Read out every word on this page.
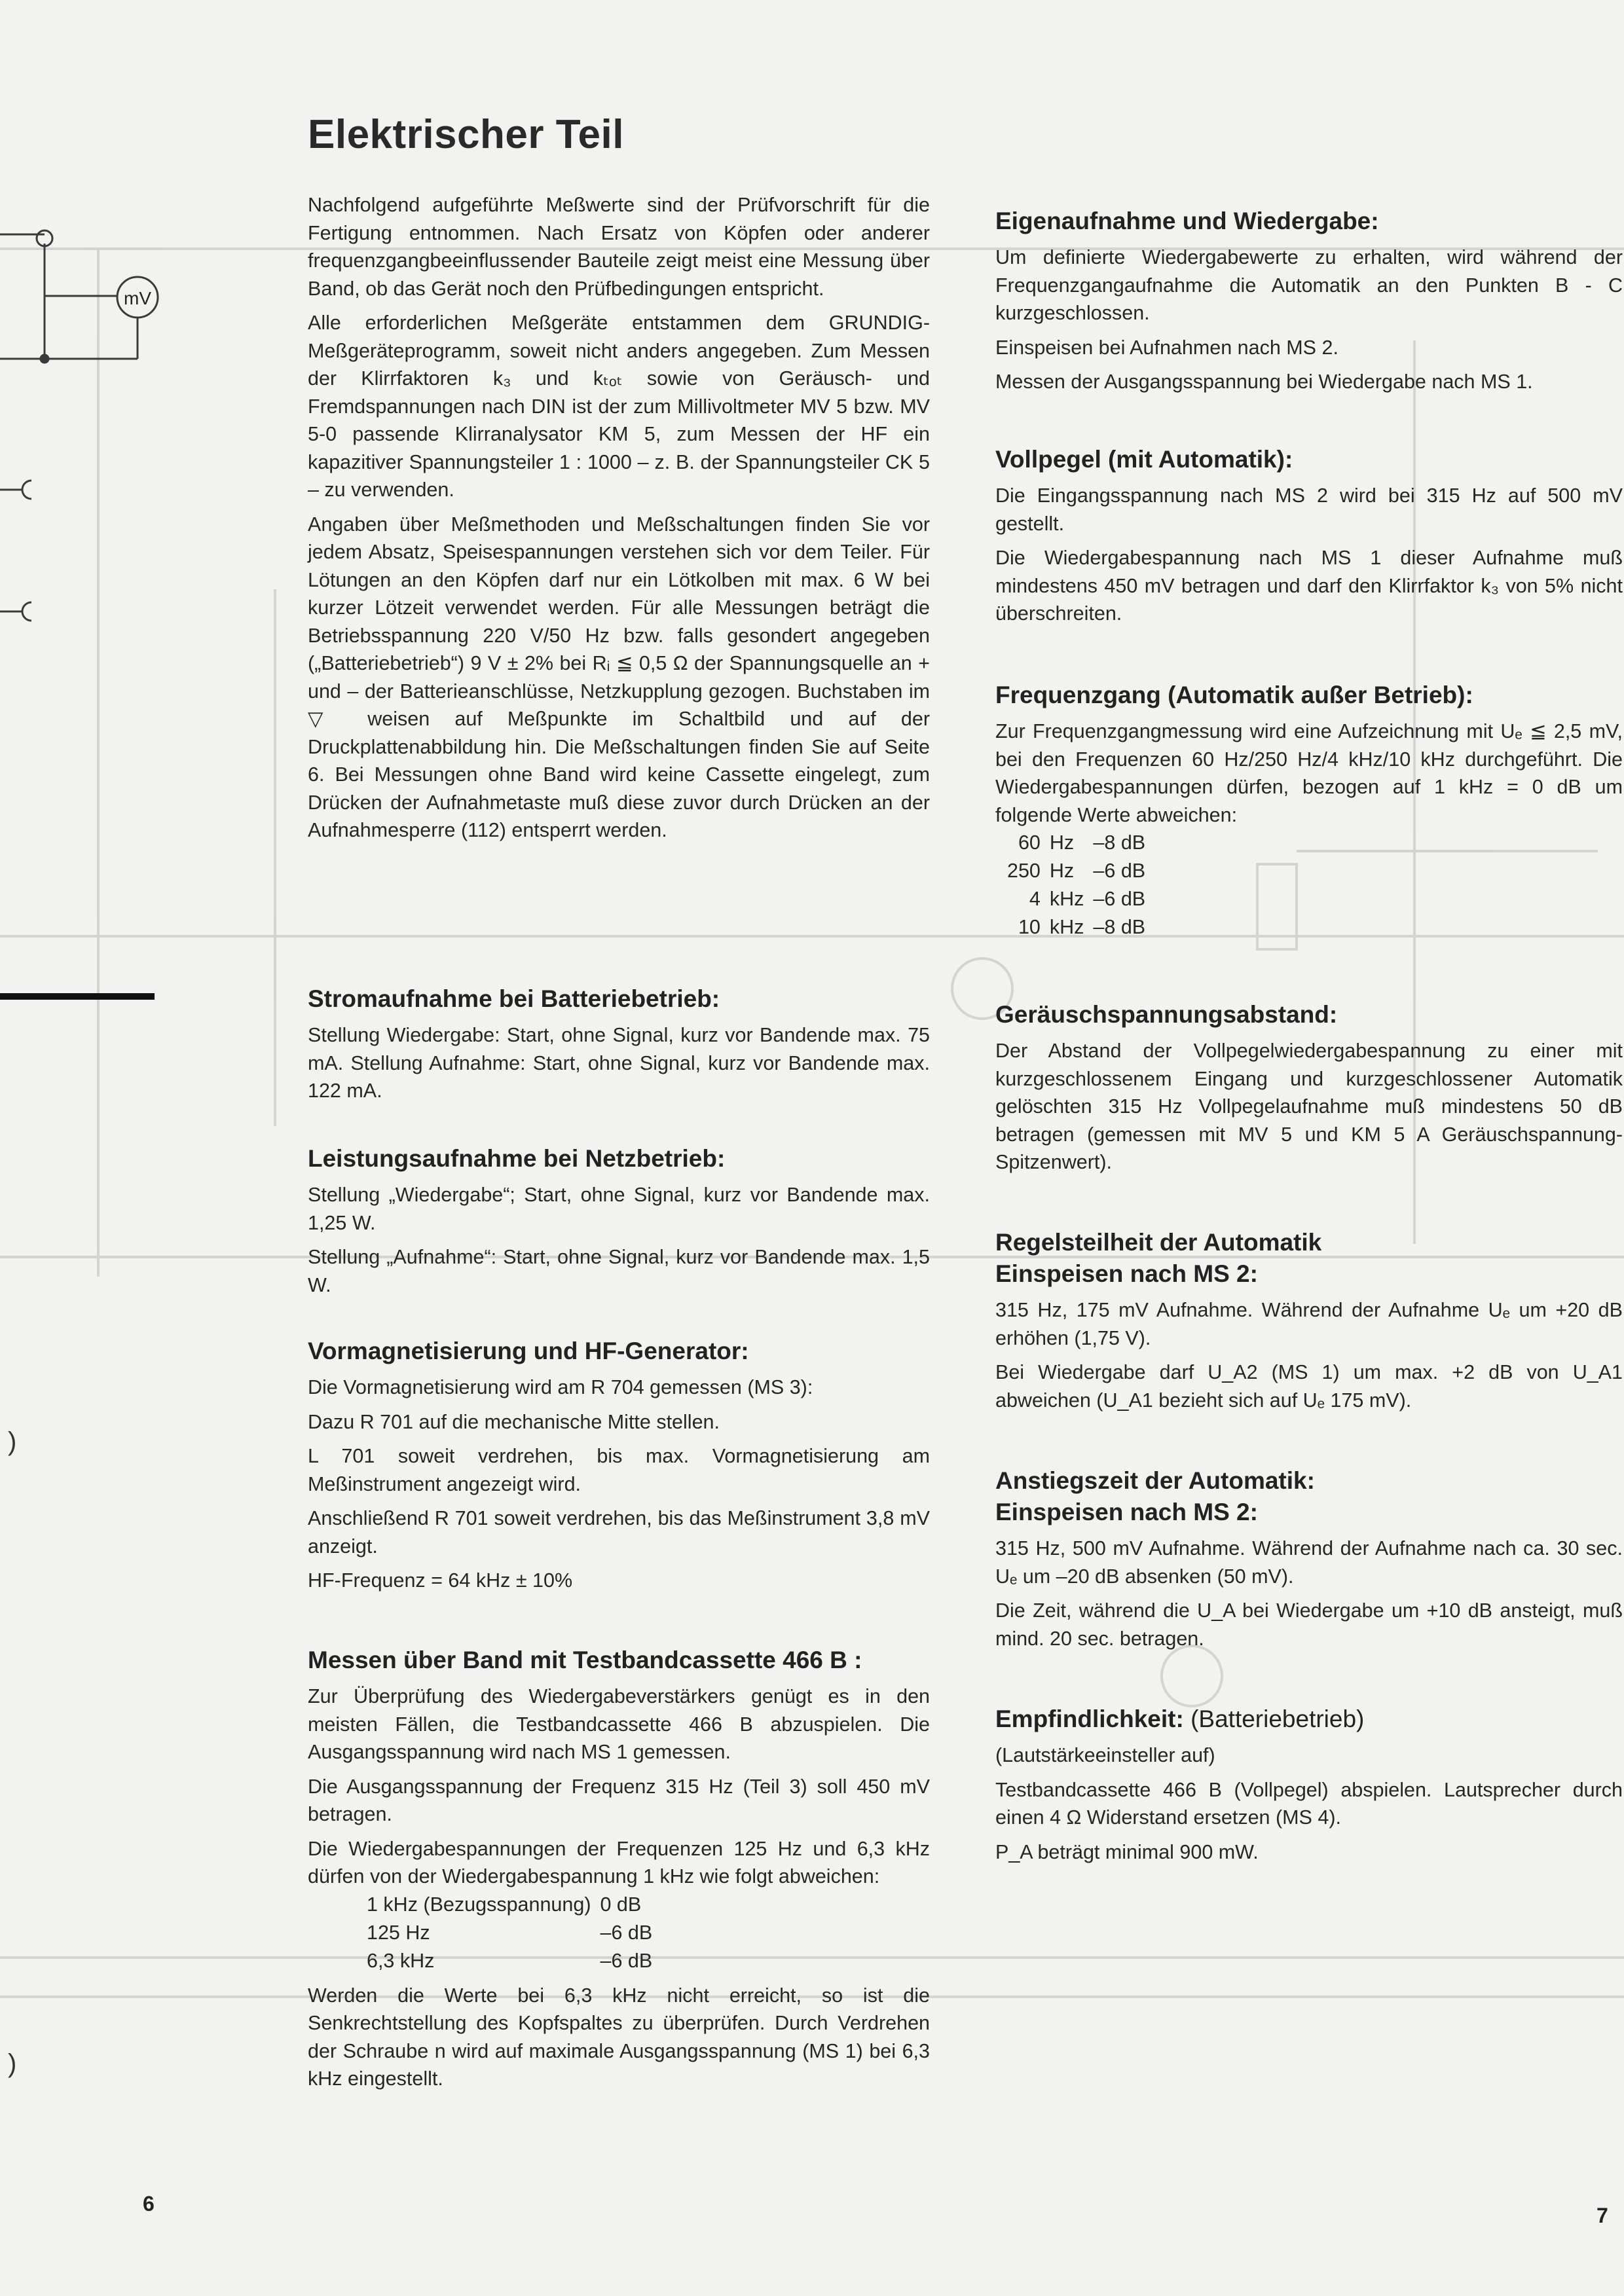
mV
)
)
Elektrischer Teil

Nachfolgend aufgeführte Meßwerte sind der Prüfvorschrift für die Fertigung entnommen. Nach Ersatz von Köpfen oder anderer frequenzgangbeeinflussender Bauteile zeigt meist eine Messung über Band, ob das Gerät noch den Prüfbedingungen entspricht.

Alle erforderlichen Meßgeräte entstammen dem GRUNDIG-Meßgeräteprogramm, soweit nicht anders angegeben. Zum Messen der Klirrfaktoren k₃ und kₜₒₜ sowie von Geräusch- und Fremdspannungen nach DIN ist der zum Millivoltmeter MV 5 bzw. MV 5-0 passende Klirranalysator KM 5, zum Messen der HF ein kapazitiver Spannungsteiler 1 : 1000 – z. B. der Spannungsteiler CK 5 – zu verwenden.

Angaben über Meßmethoden und Meßschaltungen finden Sie vor jedem Absatz, Speisespannungen verstehen sich vor dem Teiler. Für Lötungen an den Köpfen darf nur ein Lötkolben mit max. 6 W bei kurzer Lötzeit verwendet werden. Für alle Messungen beträgt die Betriebsspannung 220 V/50 Hz bzw. falls gesondert angegeben („Batteriebetrieb“) 9 V ± 2% bei Rᵢ ≦ 0,5 Ω der Spannungsquelle an + und – der Batterieanschlüsse, Netzkupplung gezogen. Buchstaben im ▽ weisen auf Meßpunkte im Schaltbild und auf der Druckplattenabbildung hin. Die Meßschaltungen finden Sie auf Seite 6. Bei Messungen ohne Band wird keine Cassette eingelegt, zum Drücken der Aufnahmetaste muß diese zuvor durch Drücken an der Aufnahmesperre (112) entsperrt werden.

Stromaufnahme bei Batteriebetrieb:

Stellung Wiedergabe: Start, ohne Signal, kurz vor Bandende max. 75 mA. Stellung Aufnahme: Start, ohne Signal, kurz vor Bandende max. 122 mA.

Leistungsaufnahme bei Netzbetrieb:

Stellung „Wiedergabe“; Start, ohne Signal, kurz vor Bandende max. 1,25 W.

Stellung „Aufnahme“: Start, ohne Signal, kurz vor Bandende max. 1,5 W.

Vormagnetisierung und HF-Generator:

Die Vormagnetisierung wird am R 704 gemessen (MS 3):

Dazu R 701 auf die mechanische Mitte stellen.

L 701 soweit verdrehen, bis max. Vormagnetisierung am Meßinstrument angezeigt wird.

Anschließend R 701 soweit verdrehen, bis das Meßinstrument 3,8 mV anzeigt.

HF-Frequenz = 64 kHz ± 10%

Messen über Band mit Testbandcassette 466 B :

Zur Überprüfung des Wiedergabeverstärkers genügt es in den meisten Fällen, die Testbandcassette 466 B abzuspielen. Die Ausgangsspannung wird nach MS 1 gemessen.

Die Ausgangsspannung der Frequenz 315 Hz (Teil 3) soll 450 mV betragen.

Die Wiedergabespannungen der Frequenzen 125 Hz und 6,3 kHz dürfen von der Wiedergabespannung 1 kHz wie folgt abweichen:

1 kHz (Bezugsspannung)	0 dB
125 Hz	–6 dB
6,3 kHz	–6 dB

Werden die Werte bei 6,3 kHz nicht erreicht, so ist die Senkrechtstellung des Kopfspaltes zu überprüfen. Durch Verdrehen der Schraube n wird auf maximale Ausgangsspannung (MS 1) bei 6,3 kHz eingestellt.

Eigenaufnahme und Wiedergabe:

Um definierte Wiedergabewerte zu erhalten, wird während der Frequenzgangaufnahme die Automatik an den Punkten B - C kurzgeschlossen.

Einspeisen bei Aufnahmen nach MS 2.

Messen der Ausgangsspannung bei Wiedergabe nach MS 1.

Vollpegel (mit Automatik):

Die Eingangsspannung nach MS 2 wird bei 315 Hz auf 500 mV gestellt.

Die Wiedergabespannung nach MS 1 dieser Aufnahme muß mindestens 450 mV betragen und darf den Klirrfaktor k₃ von 5% nicht überschreiten.

Frequenzgang (Automatik außer Betrieb):

Zur Frequenzgangmessung wird eine Aufzeichnung mit Uₑ ≦ 2,5 mV, bei den Frequenzen 60 Hz/250 Hz/4 kHz/10 kHz durchgeführt. Die Wiedergabespannungen dürfen, bezogen auf 1 kHz = 0 dB um folgende Werte abweichen:

60	Hz	–8 dB
250	Hz	–6 dB
4	kHz	–6 dB
10	kHz	–8 dB
Geräuschspannungsabstand:

Der Abstand der Vollpegelwiedergabespannung zu einer mit kurzgeschlossenem Eingang und kurzgeschlossener Automatik gelöschten 315 Hz Vollpegelaufnahme muß mindestens 50 dB betragen (gemessen mit MV 5 und KM 5 A Geräuschspannung-Spitzenwert).

Regelsteilheit der Automatik
Einspeisen nach MS 2:

315 Hz, 175 mV Aufnahme. Während der Aufnahme Uₑ um +20 dB erhöhen (1,75 V).

Bei Wiedergabe darf U_A2 (MS 1) um max. +2 dB von U_A1 abweichen (U_A1 bezieht sich auf Uₑ 175 mV).

Anstiegszeit der Automatik:
Einspeisen nach MS 2:

315 Hz, 500 mV Aufnahme. Während der Aufnahme nach ca. 30 sec. Uₑ um –20 dB absenken (50 mV).

Die Zeit, während die U_A bei Wiedergabe um +10 dB ansteigt, muß mind. 20 sec. betragen.

Empfindlichkeit: (Batteriebetrieb)

(Lautstärkeeinsteller auf)

Testbandcassette 466 B (Vollpegel) abspielen. Lautsprecher durch einen 4 Ω Widerstand ersetzen (MS 4).

P_A beträgt minimal 900 mW.

6	7
